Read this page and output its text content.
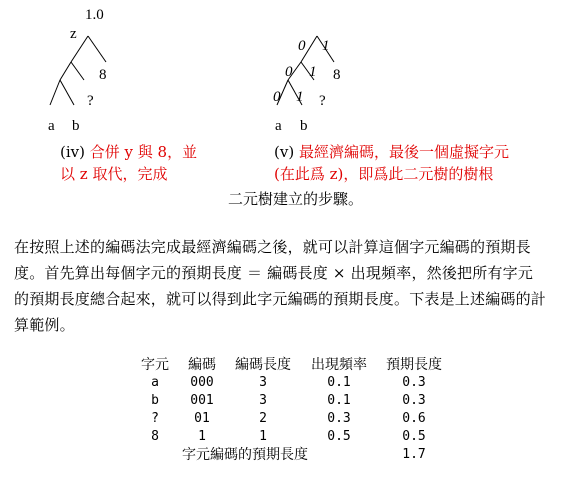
1.0
z
8
?
a b
0 1
0 1
0 1
8
?
a b
(iv) 合併 y 與 8，並
以 z 取代，完成
(v) 最經濟編碼，最後一個虛擬字元
(在此爲 z)，即爲此二元樹的樹根
二元樹建立的步驟。
在按照上述的編碼法完成最經濟編碼之後，就可以計算這個字元編碼的預期長
度。首先算出每個字元的預期長度 ＝ 編碼長度 × 出現頻率，然後把所有字元
的預期長度總合起來，就可以得到此字元編碼的預期長度。下表是上述編碼的計
算範例。
字元	編碼	編碼長度	出現頻率	預期長度
a	000	3	0.1	0.3
b	001	3	0.1	0.3
?	01	2	0.3	0.6
8	1	1	0.5	0.5
字元編碼的預期長度				1.7
